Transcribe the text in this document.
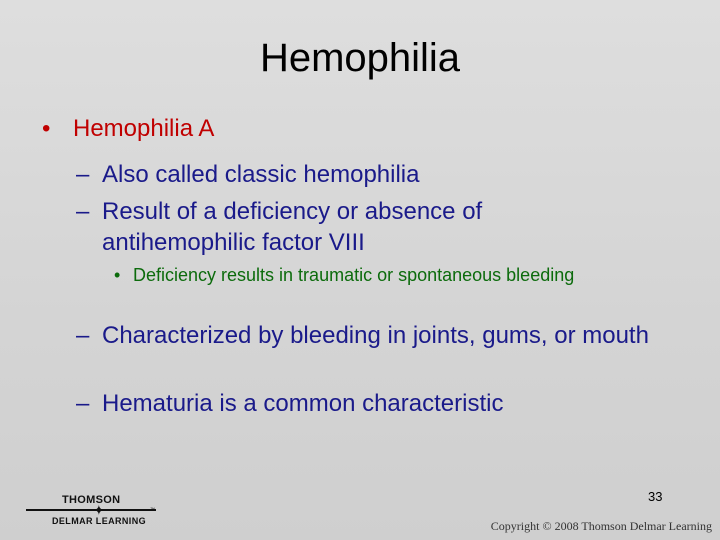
Hemophilia
• Hemophilia A
– Also called classic hemophilia
– Result of a deficiency or absence of antihemophilic factor VIII
• Deficiency results in traumatic or spontaneous bleeding
– Characterized by bleeding in joints, gums, or mouth
– Hematuria is a common characteristic
33
THOMSON
✦
DELMAR LEARNING
™
Copyright © 2008 Thomson Delmar Learning
